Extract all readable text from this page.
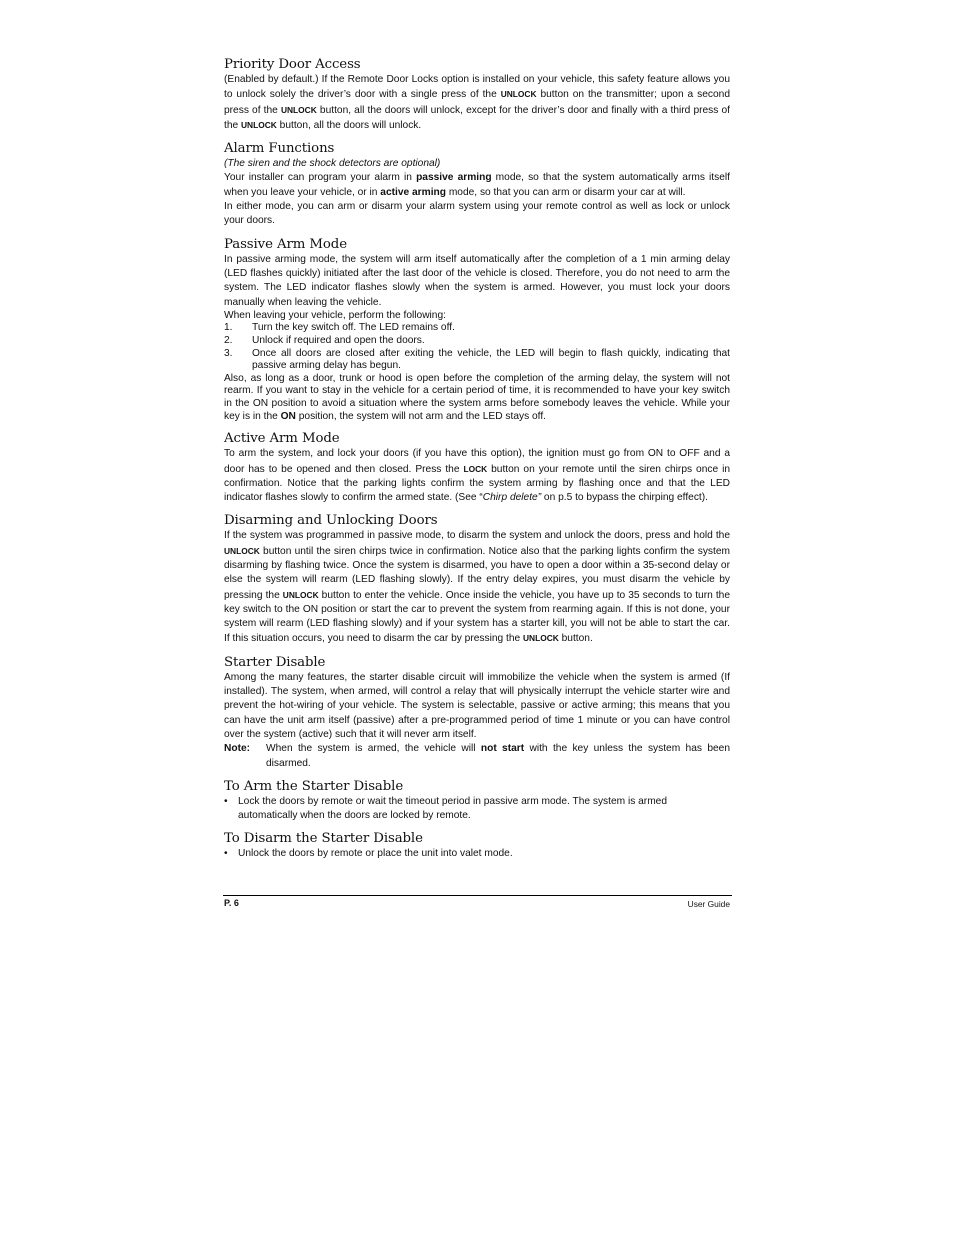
Priority Door Access

(Enabled by default.) If the Remote Door Locks option is installed on your vehicle, this safety feature allows you to unlock solely the driver’s door with a single press of the UNLOCK button on the transmitter; upon a second press of the UNLOCK button, all the doors will unlock, except for the driver’s door and finally with a third press of the UNLOCK button, all the doors will unlock.

Alarm Functions
(The siren and the shock detectors are optional)

Your installer can program your alarm in passive arming mode, so that the system automatically arms itself when you leave your vehicle, or in active arming mode, so that you can arm or disarm your car at will.

In either mode, you can arm or disarm your alarm system using your remote control as well as lock or unlock your doors.

Passive Arm Mode

In passive arming mode, the system will arm itself automatically after the completion of a 1 min arming delay (LED flashes quickly) initiated after the last door of the vehicle is closed. Therefore, you do not need to arm the system. The LED indicator flashes slowly when the system is armed. However, you must lock your doors manually when leaving the vehicle.

When leaving your vehicle, perform the following:

1.	Turn the key switch off. The LED remains off.
2.	Unlock if required and open the doors.
3.	Once all doors are closed after exiting the vehicle, the LED will begin to flash quickly, indicating that passive arming delay has begun.

Also, as long as a door, trunk or hood is open before the completion of the arming delay, the system will not rearm. If you want to stay in the vehicle for a certain period of time, it is recommended to have your key switch in the ON position to avoid a situation where the system arms before somebody leaves the vehicle. While your key is in the ON position, the system will not arm and the LED stays off.

Active Arm Mode

To arm the system, and lock your doors (if you have this option), the ignition must go from ON to OFF and a door has to be opened and then closed. Press the LOCK button on your remote until the siren chirps once in confirmation. Notice that the parking lights confirm the system arming by flashing once and that the LED indicator flashes slowly to confirm the armed state. (See “Chirp delete” on p.5 to bypass the chirping effect).

Disarming and Unlocking Doors

If the system was programmed in passive mode, to disarm the system and unlock the doors, press and hold the UNLOCK button until the siren chirps twice in confirmation. Notice also that the parking lights confirm the system disarming by flashing twice. Once the system is disarmed, you have to open a door within a 35-second delay or else the system will rearm (LED flashing slowly). If the entry delay expires, you must disarm the vehicle by pressing the UNLOCK button to enter the vehicle. Once inside the vehicle, you have up to 35 seconds to turn the key switch to the ON position or start the car to prevent the system from rearming again. If this is not done, your system will rearm (LED flashing slowly) and if your system has a starter kill, you will not be able to start the car. If this situation occurs, you need to disarm the car by pressing the UNLOCK button.

Starter Disable

Among the many features, the starter disable circuit will immobilize the vehicle when the system is armed (If installed). The system, when armed, will control a relay that will physically interrupt the vehicle starter wire and prevent the hot-wiring of your vehicle. The system is selectable, passive or active arming; this means that you can have the unit arm itself (passive) after a pre-programmed period of time 1 minute or you can have control over the system (active) such that it will never arm itself.

Note:	When the system is armed, the vehicle will not start with the key unless the system has been disarmed.
To Arm the Starter Disable
•	Lock the doors by remote or wait the timeout period in passive arm mode. The system is armed automatically when the doors are locked by remote.
To Disarm the Starter Disable
•	Unlock the doors by remote or place the unit into valet mode.
P. 6	User Guide
